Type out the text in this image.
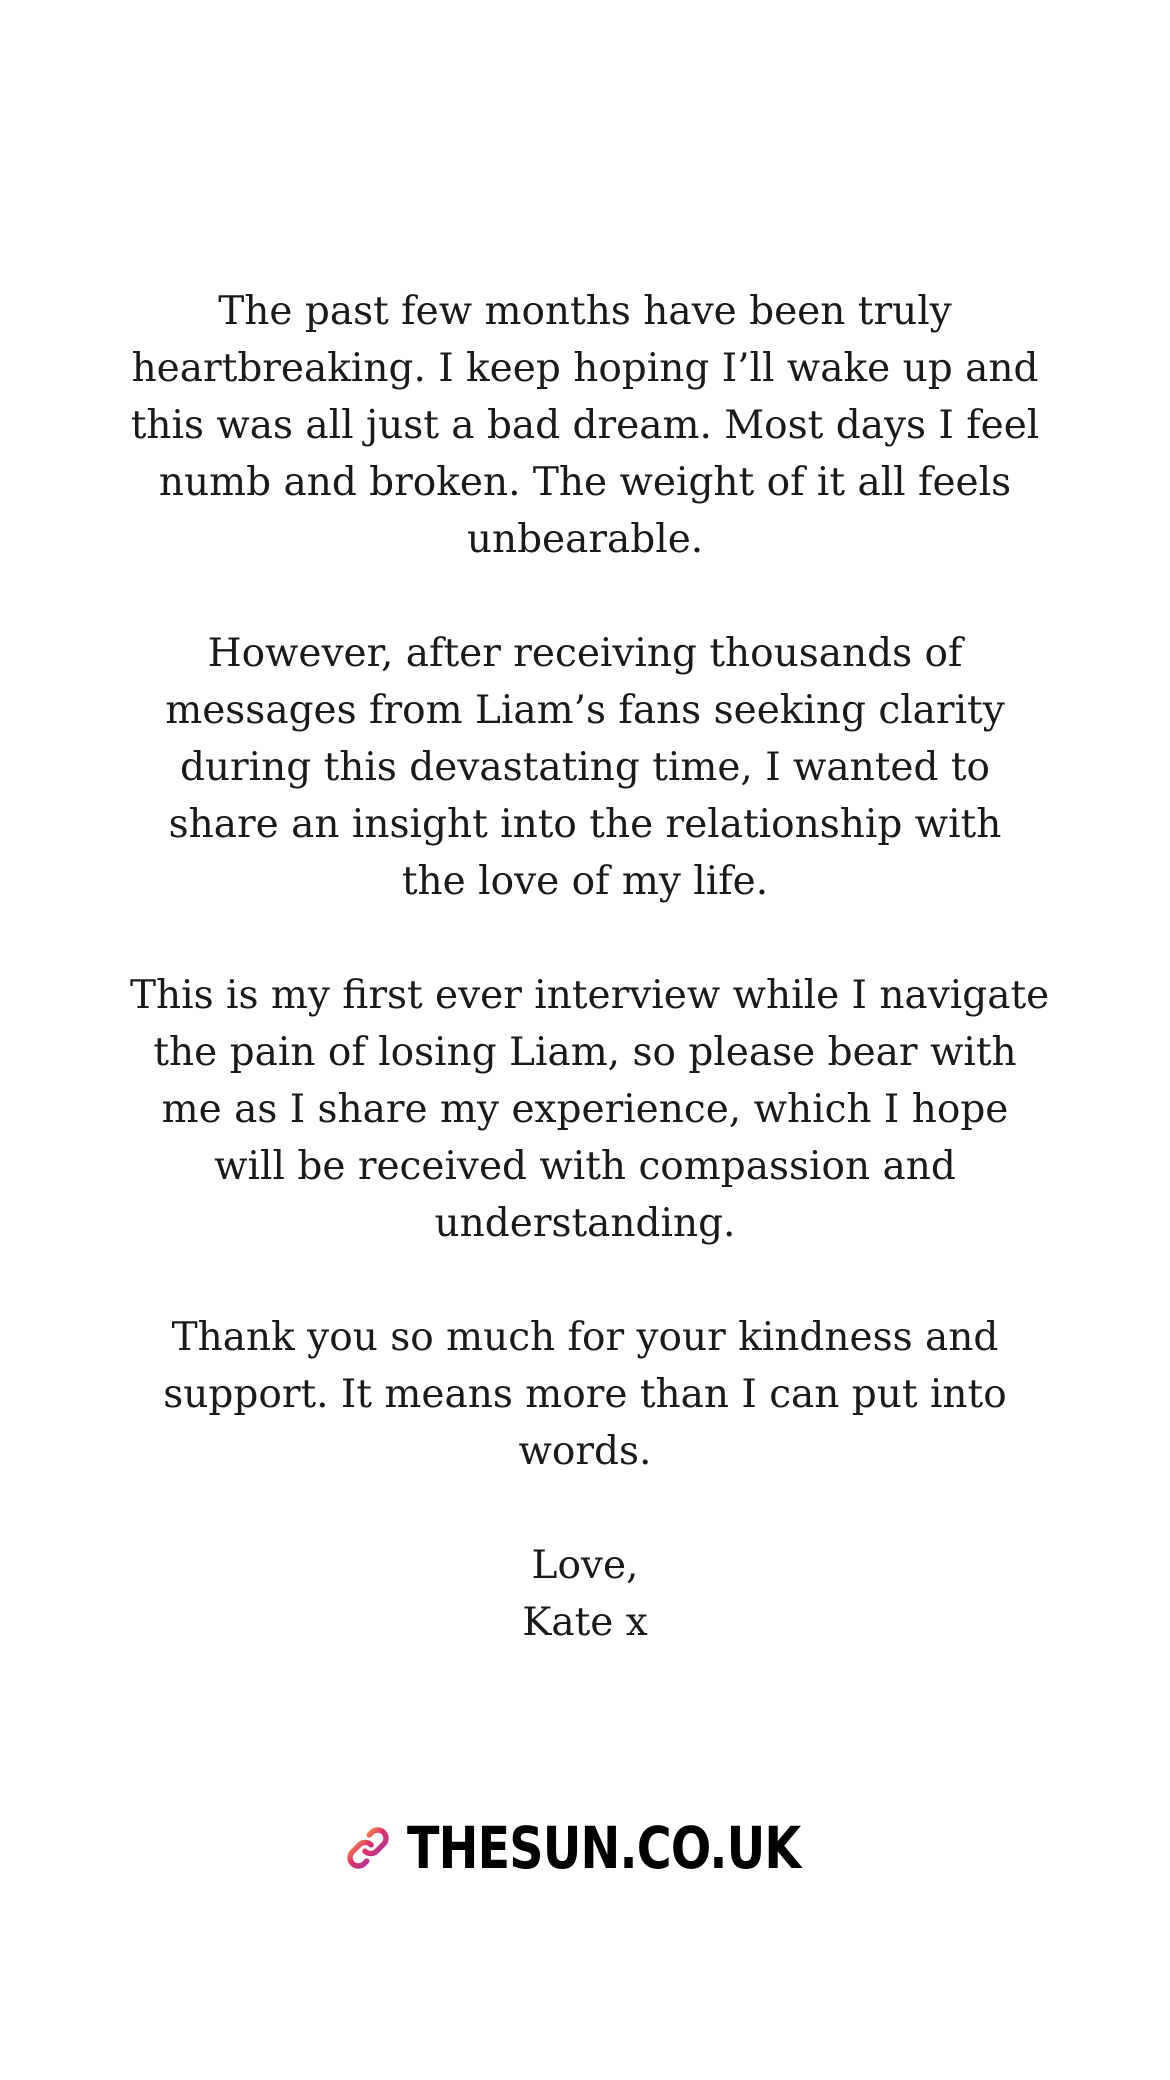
The past few months have been truly
heartbreaking. I keep hoping I’ll wake up and
this was all just a bad dream. Most days I feel
numb and broken. The weight of it all feels
unbearable.

However, after receiving thousands of
messages from Liam’s fans seeking clarity
during this devastating time, I wanted to
share an insight into the relationship with
the love of my life.

This is my first ever interview while I navigate
the pain of losing Liam, so please bear with
me as I share my experience, which I hope
will be received with compassion and
understanding.

Thank you so much for your kindness and
support. It means more than I can put into
words.

Love,
Kate x

THESUN.CO.UK
